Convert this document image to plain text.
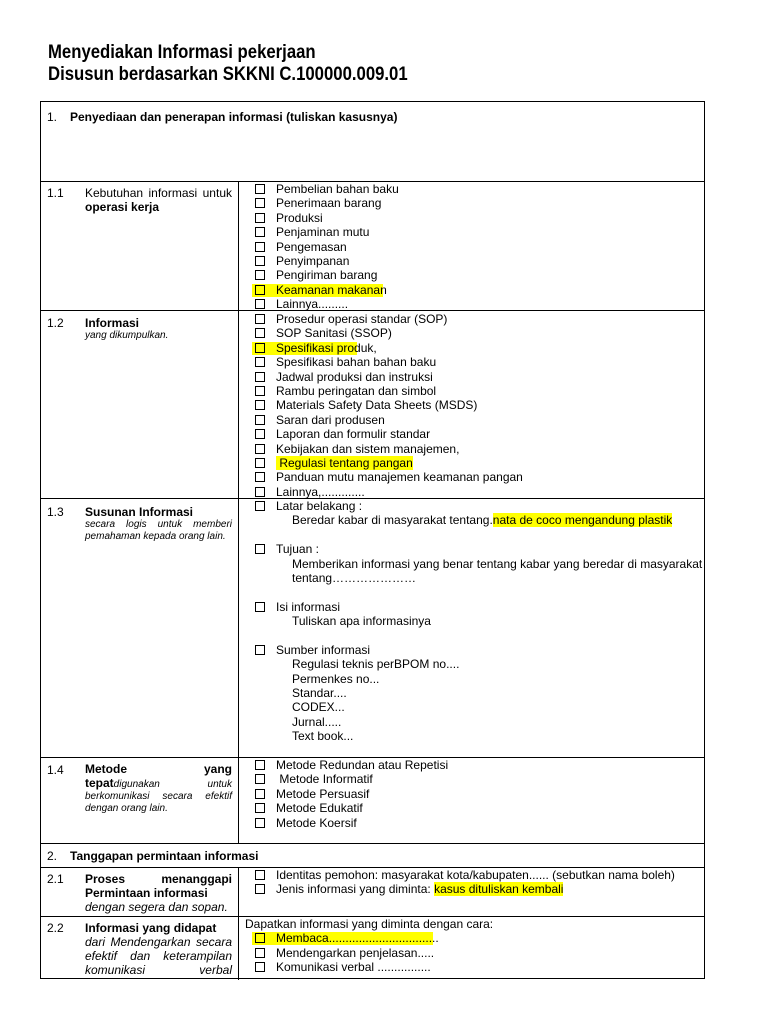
Menyediakan Informasi pekerjaan
Disusun berdasarkan SKKNI C.100000.009.01
1. Penyediaan dan penerapan informasi (tuliskan kasusnya)
1.1 Kebutuhan informasi untuk
operasi kerja
Pembelian bahan baku
Penerimaan barang
Produksi
Penjaminan mutu
Pengemasan
Penyimpanan
Pengiriman barang
Keamanan makanan
Lainnya.........
1.2 Informasi
yang dikumpulkan.
Prosedur operasi standar (SOP)
SOP Sanitasi (SSOP)
Spesifikasi produk,
Spesifikasi bahan bahan baku
Jadwal produksi dan instruksi
Rambu peringatan dan simbol
Materials Safety Data Sheets (MSDS)
Saran dari produsen
Laporan dan formulir standar
Kebijakan dan sistem manajemen,
Regulasi tentang pangan
Panduan mutu manajemen keamanan pangan
Lainnya,.............
1.3 Susunan Informasi
secara logis untuk memberi pemahaman kepada orang lain.
Latar belakang :
Beredar kabar di masyarakat tentang.nata de coco mengandung plastik
Tujuan :
Memberikan informasi yang benar tentang kabar yang beredar di masyarakat
tentang…………………
Isi informasi
Tuliskan apa informasinya
Sumber informasi
Regulasi teknis perBPOM no....
Permenkes no...
Standar....
CODEX...
Jurnal.....
Text book...
1.4 Metode yang tepatdigunakan	untuk berkomunikasi secara efektif dengan orang lain.
Metode Redundan atau Repetisi
Metode Informatif
Metode Persuasif
Metode Edukatif
Metode Koersif
2. Tanggapan permintaan informasi
2.1 Proses menanggapi
Permintaan informasi
dengan segera dan sopan.
Identitas pemohon: masyarakat kota/kabupaten...... (sebutkan nama boleh)
Jenis informasi yang diminta: kasus dituliskan kembali
2.2 Informasi yang didapat
dari Mendengarkan secara efektif dan keterampilan komunikasi verbal
Dapatkan informasi yang diminta dengan cara:
Membaca.................................
Mendengarkan penjelasan.....
Komunikasi verbal ................
